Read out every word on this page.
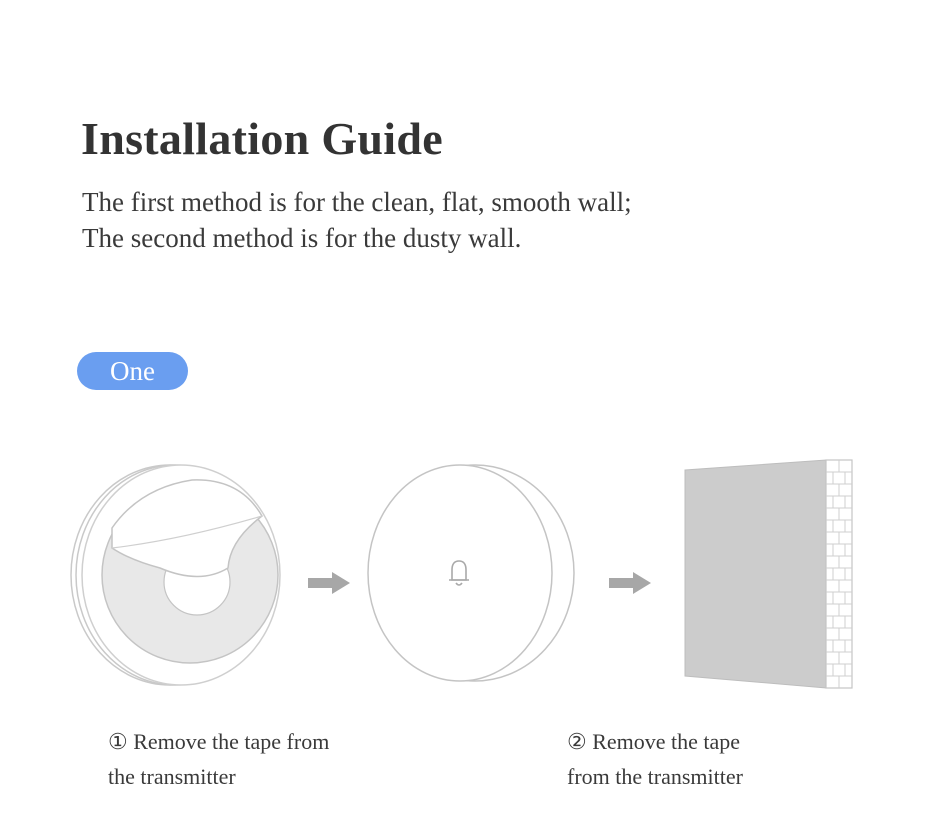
Installation Guide
The first method is for the clean, flat, smooth wall;
The second method is for the dusty wall.
One
① Remove the tape from
the transmitter
② Remove the tape
from the transmitter
